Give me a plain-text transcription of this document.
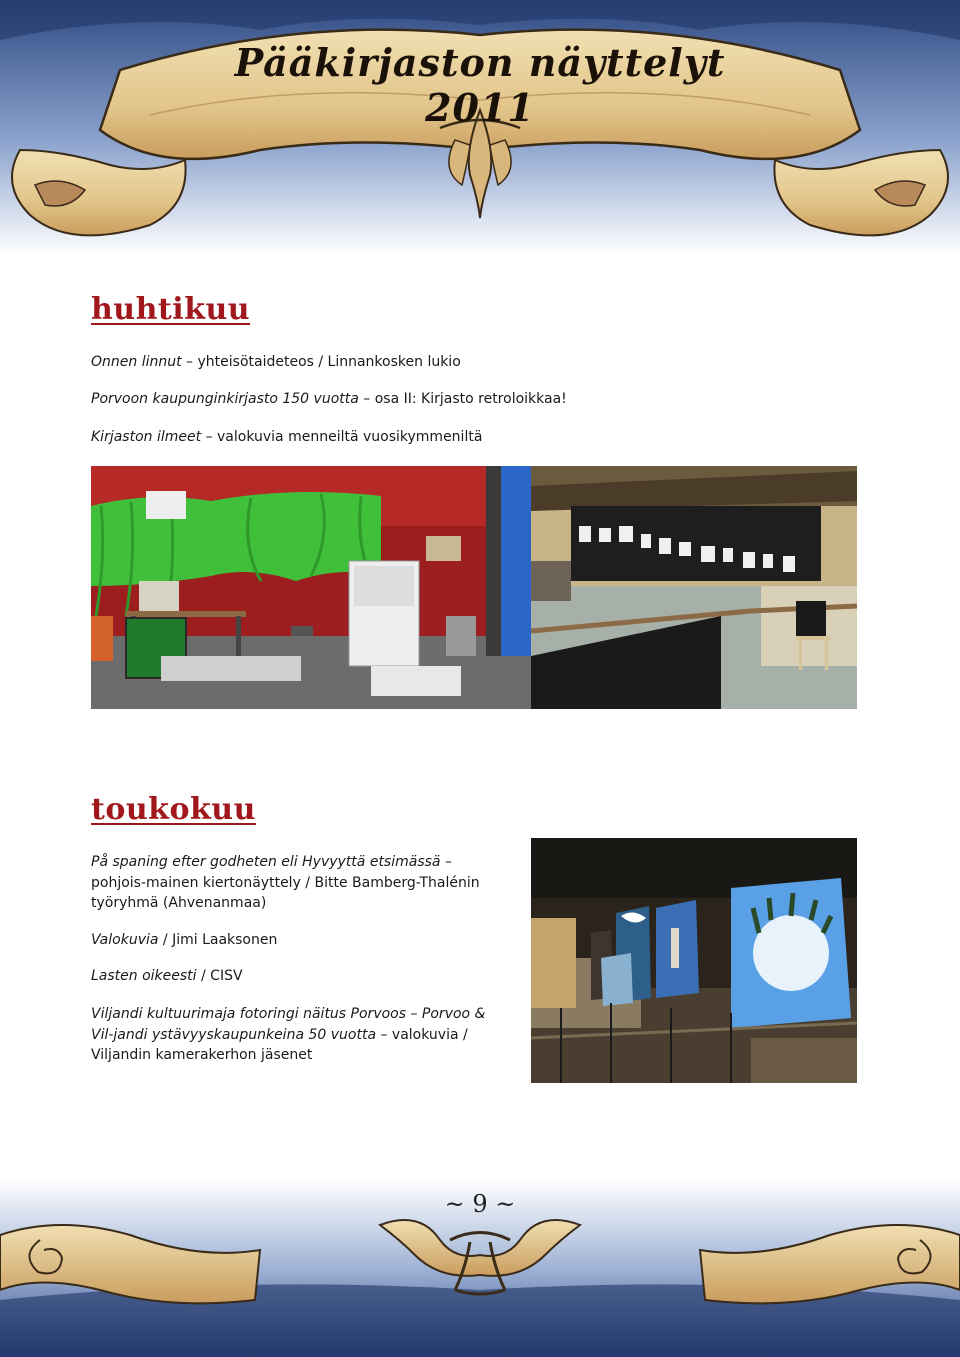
Pääkirjaston näyttelyt 2011
huhtikuu

Onnen linnut – yhteisötaideteos / Linnankosken lukio

Porvoon kaupunginkirjasto 150 vuotta – osa II: Kirjasto retroloikkaa!

Kirjaston ilmeet – valokuvia menneiltä vuosikymmeniltä

toukokuu

På spaning efter godheten eli Hyvyyttä etsimässä – pohjois-mainen kiertonäyttely / Bitte Bamberg-Thalénin työryhmä (Ahvenanmaa)

Valokuvia / Jimi Laaksonen

Lasten oikeesti / CISV

Viljandi kultuurimaja fotoringi näitus Porvoos – Porvoo & Vil-jandi ystävyyskaupunkeina 50 vuotta – valokuvia / Viljandin kamerakerhon jäsenet

~ 9 ~
